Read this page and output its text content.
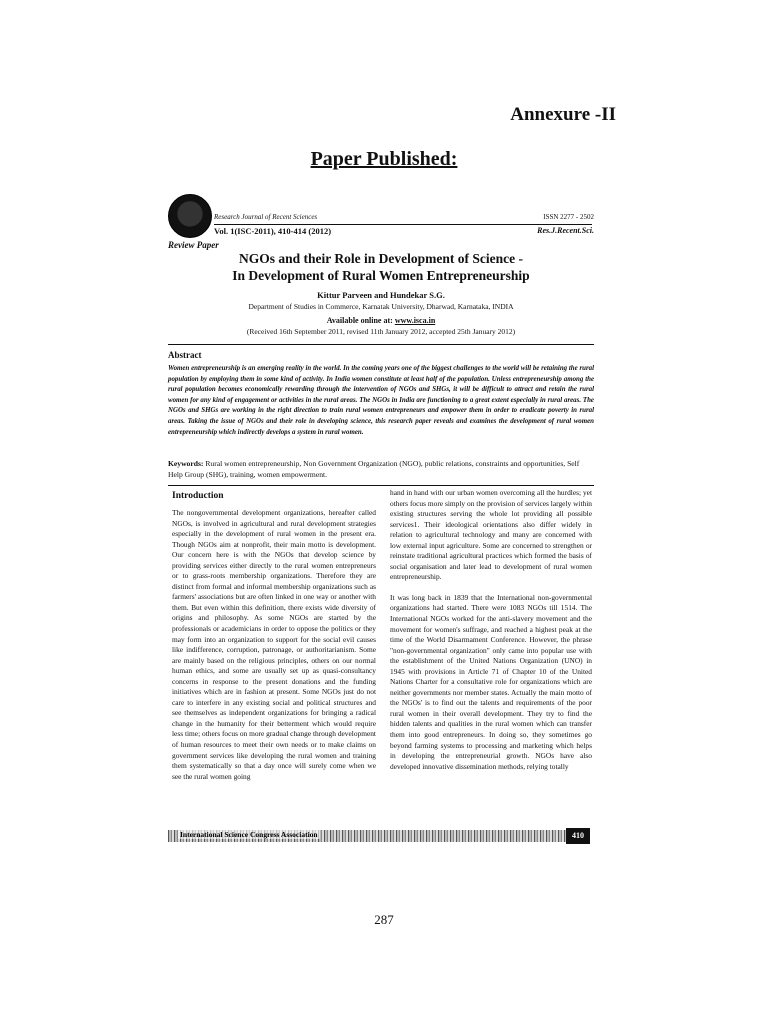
Annexure -II
Paper Published:
Research Journal of Recent Sciences	ISSN 2277 - 2502
Vol. 1(ISC-2011), 410-414 (2012)	Res.J.Recent.Sci.
Review Paper
NGOs and their Role in Development of Science -
In Development of Rural Women Entrepreneurship
Kittur Parveen and Hundekar S.G.
Department of Studies in Commerce, Karnatak University, Dharwad, Karnataka, INDIA
Available online at: www.isca.in
(Received 16th September 2011, revised 11th January 2012, accepted 25th January 2012)
Abstract
Women entrepreneurship is an emerging reality in the world. In the coming years one of the biggest challenges to the world will be retaining the rural population by employing them in some kind of activity. In India women constitute at least half of the population. Unless entrepreneurship among the rural population becomes economically rewarding through the intervention of NGOs and SHGs, it will be difficult to attract and retain the rural women for any kind of engagement or activities in the rural areas. The NGOs in India are functioning to a great extent especially in rural areas. The NGOs and SHGs are working in the right direction to train rural women entrepreneurs and empower them in order to eradicate poverty in rural areas. Taking the issue of NGOs and their role in developing science, this research paper reveals and examines the development of rural women entrepreneurship which indirectly develops a system in rural women.
Keywords: Rural women entrepreneurship, Non Government Organization (NGO), public relations, constraints and opportunities, Self Help Group (SHG), training, women empowerment.
Introduction
The nongovernmental development organizations, hereafter called NGOs, is involved in agricultural and rural development strategies especially in the development of rural women in the present era. Though NGOs aim at nonprofit, their main motto is development. Our concern here is with the NGOs that develop science by providing services either directly to the rural women entrepreneurs or to grass-roots membership organizations. Therefore they are distinct from formal and informal membership organizations such as farmers' associations but are often linked in one way or another with them. But even within this definition, there exists wide diversity of origins and philosophy. As some NGOs are started by the professionals or academicians in order to oppose the politics or they may form into an organization to support for the social evil causes like indifference, corruption, patronage, or authoritarianism. Some are mainly based on the religious principles, others on our normal human ethics, and some are usually set up as quasi-consultancy concerns in response to the present donations and the funding initiatives which are in fashion at present. Some NGOs just do not care to interfere in any existing social and political structures and see themselves as independent organizations for bringing a radical change in the humanity for their betterment which would require less time; others focus on more gradual change through development of human resources to meet their own needs or to make claims on government services like developing the rural women and training them systematically so that a day once will surely come when we see the rural women going

hand in hand with our urban women overcoming all the hurdles; yet others focus more simply on the provision of services largely within existing structures serving the whole lot providing all possible services1. Their ideological orientations also differ widely in relation to agricultural technology and many are concerned with low external input agriculture. Some are concerned to strengthen or reinstate traditional agricultural practices which formed the basis of social organisation and later lead to development of rural women entrepreneurship.

It was long back in 1839 that the International non-governmental organizations had started. There were 1083 NGOs till 1514. The International NGOs worked for the anti-slavery movement and the movement for women's suffrage, and reached a highest peak at the time of the World Disarmament Conference. However, the phrase "non-governmental organization" only came into popular use with the establishment of the United Nations Organization (UNO) in 1945 with provisions in Article 71 of Chapter 10 of the United Nations Charter for a consultative role for organizations which are neither governments nor member states. Actually the main motto of the NGOs' is to find out the talents and requirements of the poor rural women in their overall development. They try to find the hidden talents and qualities in the rural women which can transfer them into good entrepreneurs. In doing so, they sometimes go beyond farming systems to processing and marketing which helps in developing the entrepreneurial growth. NGOs have also developed innovative dissemination methods, relying totally

International Science Congress Association	410
287
